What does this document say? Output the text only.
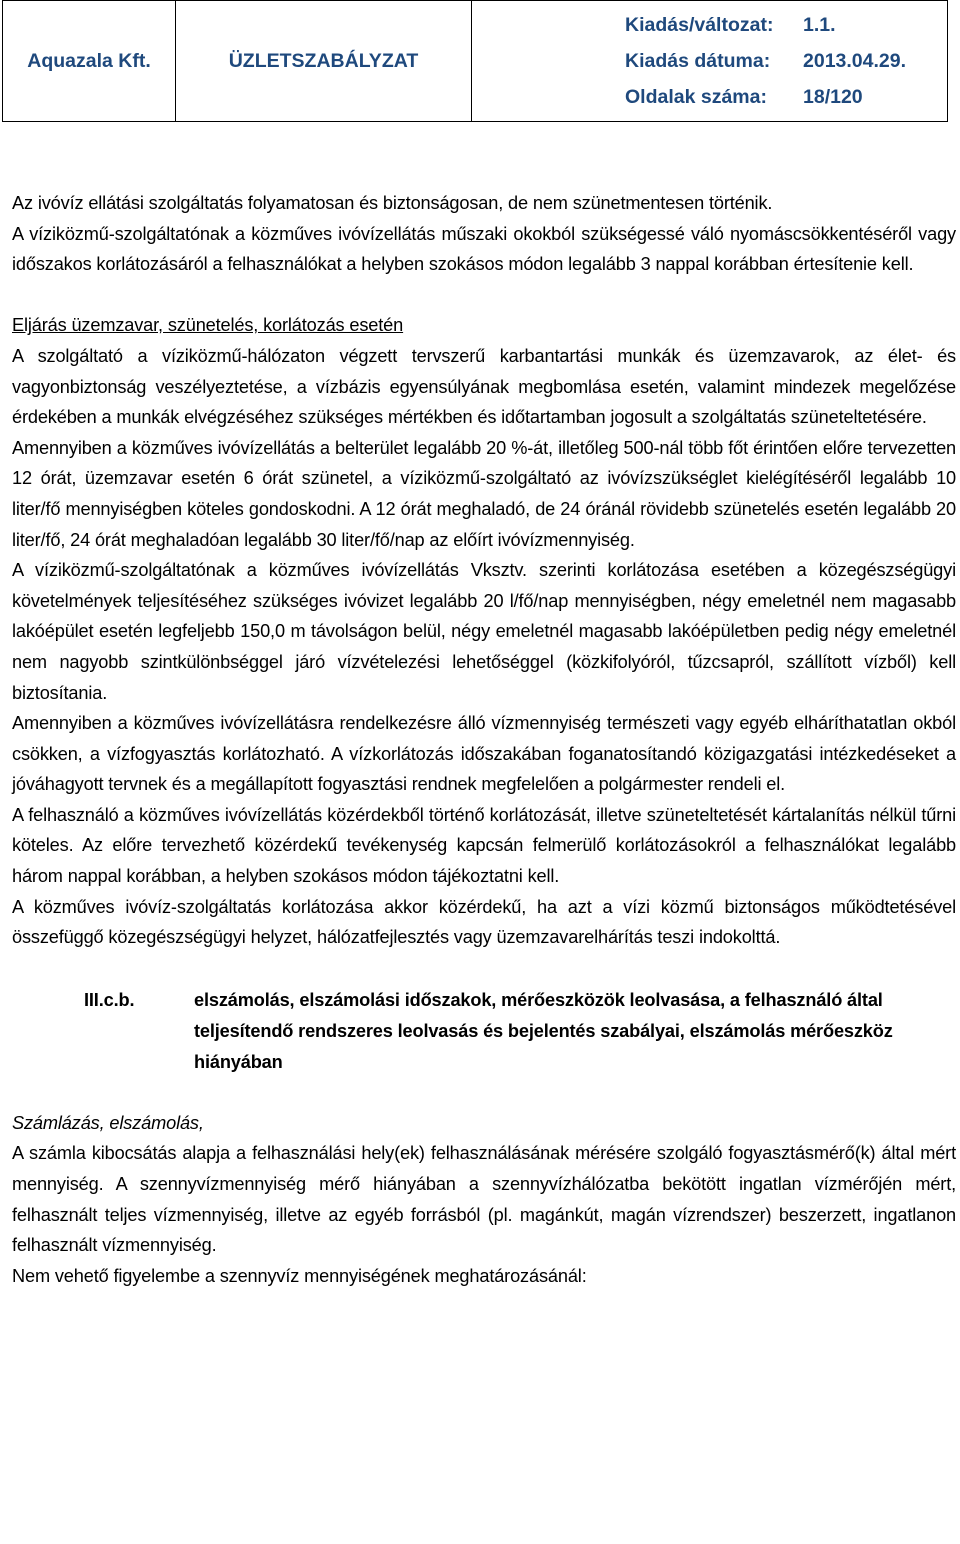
Aquazala Kft.	ÜZLETSZABÁLYZAT
Kiadás/változat:	1.1.
Kiadás dátuma:	2013.04.29.
Oldalak száma:	18/120

Az ivóvíz ellátási szolgáltatás folyamatosan és biztonságosan, de nem szünetmentesen történik.

A víziközmű-szolgáltatónak a közműves ivóvízellátás műszaki okokból szükségessé váló nyomáscsökkentéséről vagy időszakos korlátozásáról a felhasználókat a helyben szokásos módon legalább 3 nappal korábban értesítenie kell.

Eljárás üzemzavar, szünetelés, korlátozás esetén

A szolgáltató a víziközmű-hálózaton végzett tervszerű karbantartási munkák és üzemzavarok, az élet- és vagyonbiztonság veszélyeztetése, a vízbázis egyensúlyának megbomlása esetén, valamint mindezek megelőzése érdekében a munkák elvégzéséhez szükséges mértékben és időtartamban jogosult a szolgáltatás szüneteltetésére.

Amennyiben a közműves ivóvízellátás a belterület legalább 20 %-át, illetőleg 500-nál több főt érintően előre tervezetten 12 órát, üzemzavar esetén 6 órát szünetel, a víziközmű-szolgáltató az ivóvízszükséglet kielégítéséről legalább 10 liter/fő mennyiségben köteles gondoskodni. A 12 órát meghaladó, de 24 óránál rövidebb szünetelés esetén legalább 20 liter/fő, 24 órát meghaladóan legalább 30 liter/fő/nap az előírt ivóvízmennyiség.

A víziközmű-szolgáltatónak a közműves ivóvízellátás Vksztv. szerinti korlátozása esetében a közegészségügyi követelmények teljesítéséhez szükséges ivóvizet legalább 20 l/fő/nap mennyiségben, négy emeletnél nem magasabb lakóépület esetén legfeljebb 150,0 m távolságon belül, négy emeletnél magasabb lakóépületben pedig négy emeletnél nem nagyobb szintkülönbséggel járó vízvételezési lehetőséggel (közkifolyóról, tűzcsapról, szállított vízből) kell biztosítania.

Amennyiben a közműves ivóvízellátásra rendelkezésre álló vízmennyiség természeti vagy egyéb elháríthatatlan okból csökken, a vízfogyasztás korlátozható. A vízkorlátozás időszakában foganatosítandó közigazgatási intézkedéseket a jóváhagyott tervnek és a megállapított fogyasztási rendnek megfelelően a polgármester rendeli el.

A felhasználó a közműves ivóvízellátás közérdekből történő korlátozását, illetve szüneteltetését kártalanítás nélkül tűrni köteles. Az előre tervezhető közérdekű tevékenység kapcsán felmerülő korlátozásokról a felhasználókat legalább három nappal korábban, a helyben szokásos módon tájékoztatni kell.

A közműves ivóvíz-szolgáltatás korlátozása akkor közérdekű, ha azt a vízi közmű biztonságos működtetésével összefüggő közegészségügyi helyzet, hálózatfejlesztés vagy üzemzavarelhárítás teszi indokolttá.

III.c.b.	elszámolás, elszámolási időszakok, mérőeszközök leolvasása, a felhasználó által teljesítendő rendszeres leolvasás és bejelentés szabályai, elszámolás mérőeszköz hiányában

Számlázás, elszámolás,

A számla kibocsátás alapja a felhasználási hely(ek) felhasználásának mérésére szolgáló fogyasztásmérő(k) által mért mennyiség. A szennyvízmennyiség mérő hiányában a szennyvízhálózatba bekötött ingatlan vízmérőjén mért, felhasznált teljes vízmennyiség, illetve az egyéb forrásból (pl. magánkút, magán vízrendszer) beszerzett, ingatlanon felhasznált vízmennyiség.

Nem vehető figyelembe a szennyvíz mennyiségének meghatározásánál:
